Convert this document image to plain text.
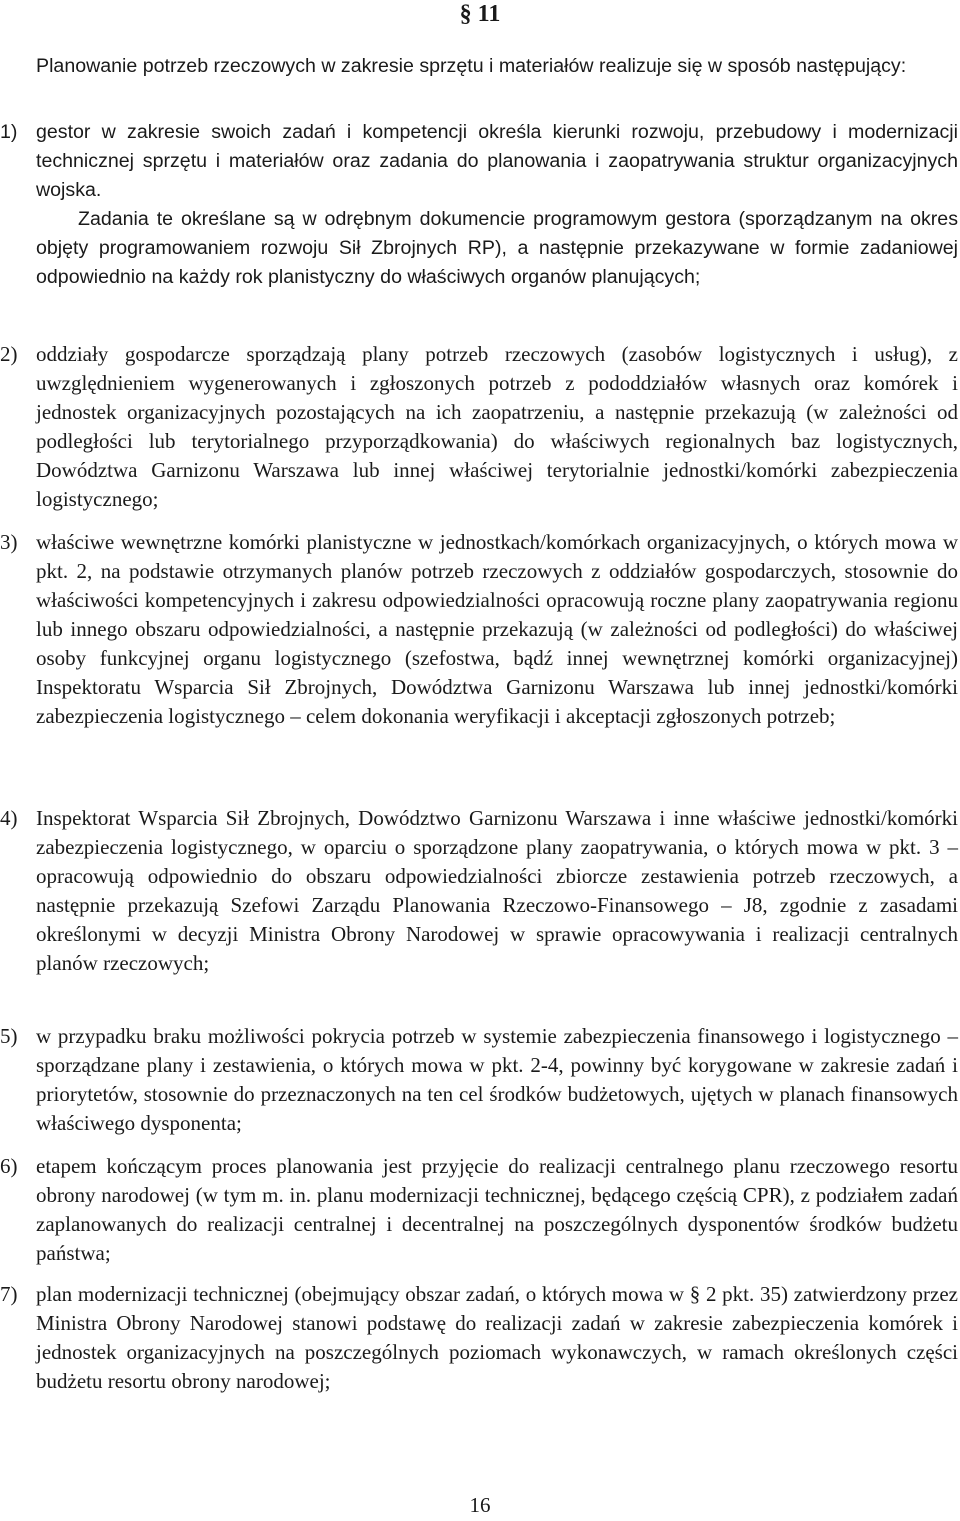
§ 11

Planowanie potrzeb rzeczowych w zakresie sprzętu i materiałów realizuje się w sposób następujący:

1) gestor w zakresie swoich zadań i kompetencji określa kierunki rozwoju, przebudowy i modernizacji technicznej sprzętu i materiałów oraz zadania do planowania i zaopatrywania struktur organizacyjnych wojska.

Zadania te określane są w odrębnym dokumencie programowym gestora (sporządzanym na okres objęty programowaniem rozwoju Sił Zbrojnych RP), a następnie przekazywane w formie zadaniowej odpowiednio na każdy rok planistyczny do właściwych organów planujących;

2) oddziały gospodarcze sporządzają plany potrzeb rzeczowych (zasobów logistycznych i usług), z uwzględnieniem wygenerowanych i zgłoszonych potrzeb z pododdziałów własnych oraz komórek i jednostek organizacyjnych pozostających na ich zaopatrzeniu, a następnie przekazują (w zależności od podległości lub terytorialnego przyporządkowania) do właściwych regionalnych baz logistycznych, Dowództwa Garnizonu Warszawa lub innej właściwej terytorialnie jednostki/komórki zabezpieczenia logistycznego;

3) właściwe wewnętrzne komórki planistyczne w jednostkach/komórkach organizacyjnych, o których mowa w pkt. 2, na podstawie otrzymanych planów potrzeb rzeczowych z oddziałów gospodarczych, stosownie do właściwości kompetencyjnych i zakresu odpowiedzialności opracowują roczne plany zaopatrywania regionu lub innego obszaru odpowiedzialności, a następnie przekazują (w zależności od podległości) do właściwej osoby funkcyjnej organu logistycznego (szefostwa, bądź innej wewnętrznej komórki organizacyjnej) Inspektoratu Wsparcia Sił Zbrojnych, Dowództwa Garnizonu Warszawa lub innej jednostki/komórki zabezpieczenia logistycznego – celem dokonania weryfikacji i akceptacji zgłoszonych potrzeb;

4) Inspektorat Wsparcia Sił Zbrojnych, Dowództwo Garnizonu Warszawa i inne właściwe jednostki/komórki zabezpieczenia logistycznego, w oparciu o sporządzone plany zaopatrywania, o których mowa w pkt. 3 – opracowują odpowiednio do obszaru odpowiedzialności zbiorcze zestawienia potrzeb rzeczowych, a następnie przekazują Szefowi Zarządu Planowania Rzeczowo-Finansowego – J8, zgodnie z zasadami określonymi w decyzji Ministra Obrony Narodowej w sprawie opracowywania i realizacji centralnych planów rzeczowych;

5) w przypadku braku możliwości pokrycia potrzeb w systemie zabezpieczenia finansowego i logistycznego – sporządzane plany i zestawienia, o których mowa w pkt. 2-4, powinny być korygowane w zakresie zadań i priorytetów, stosownie do przeznaczonych na ten cel środków budżetowych, ujętych w planach finansowych właściwego dysponenta;

6) etapem kończącym proces planowania jest przyjęcie do realizacji centralnego planu rzeczowego resortu obrony narodowej (w tym m. in. planu modernizacji technicznej, będącego częścią CPR), z podziałem zadań zaplanowanych do realizacji centralnej i decentralnej na poszczególnych dysponentów środków budżetu państwa;

7) plan modernizacji technicznej (obejmujący obszar zadań, o których mowa w § 2 pkt. 35) zatwierdzony przez Ministra Obrony Narodowej stanowi podstawę do realizacji zadań w zakresie zabezpieczenia komórek i jednostek organizacyjnych na poszczególnych poziomach wykonawczych, w ramach określonych części budżetu resortu obrony narodowej;

16
